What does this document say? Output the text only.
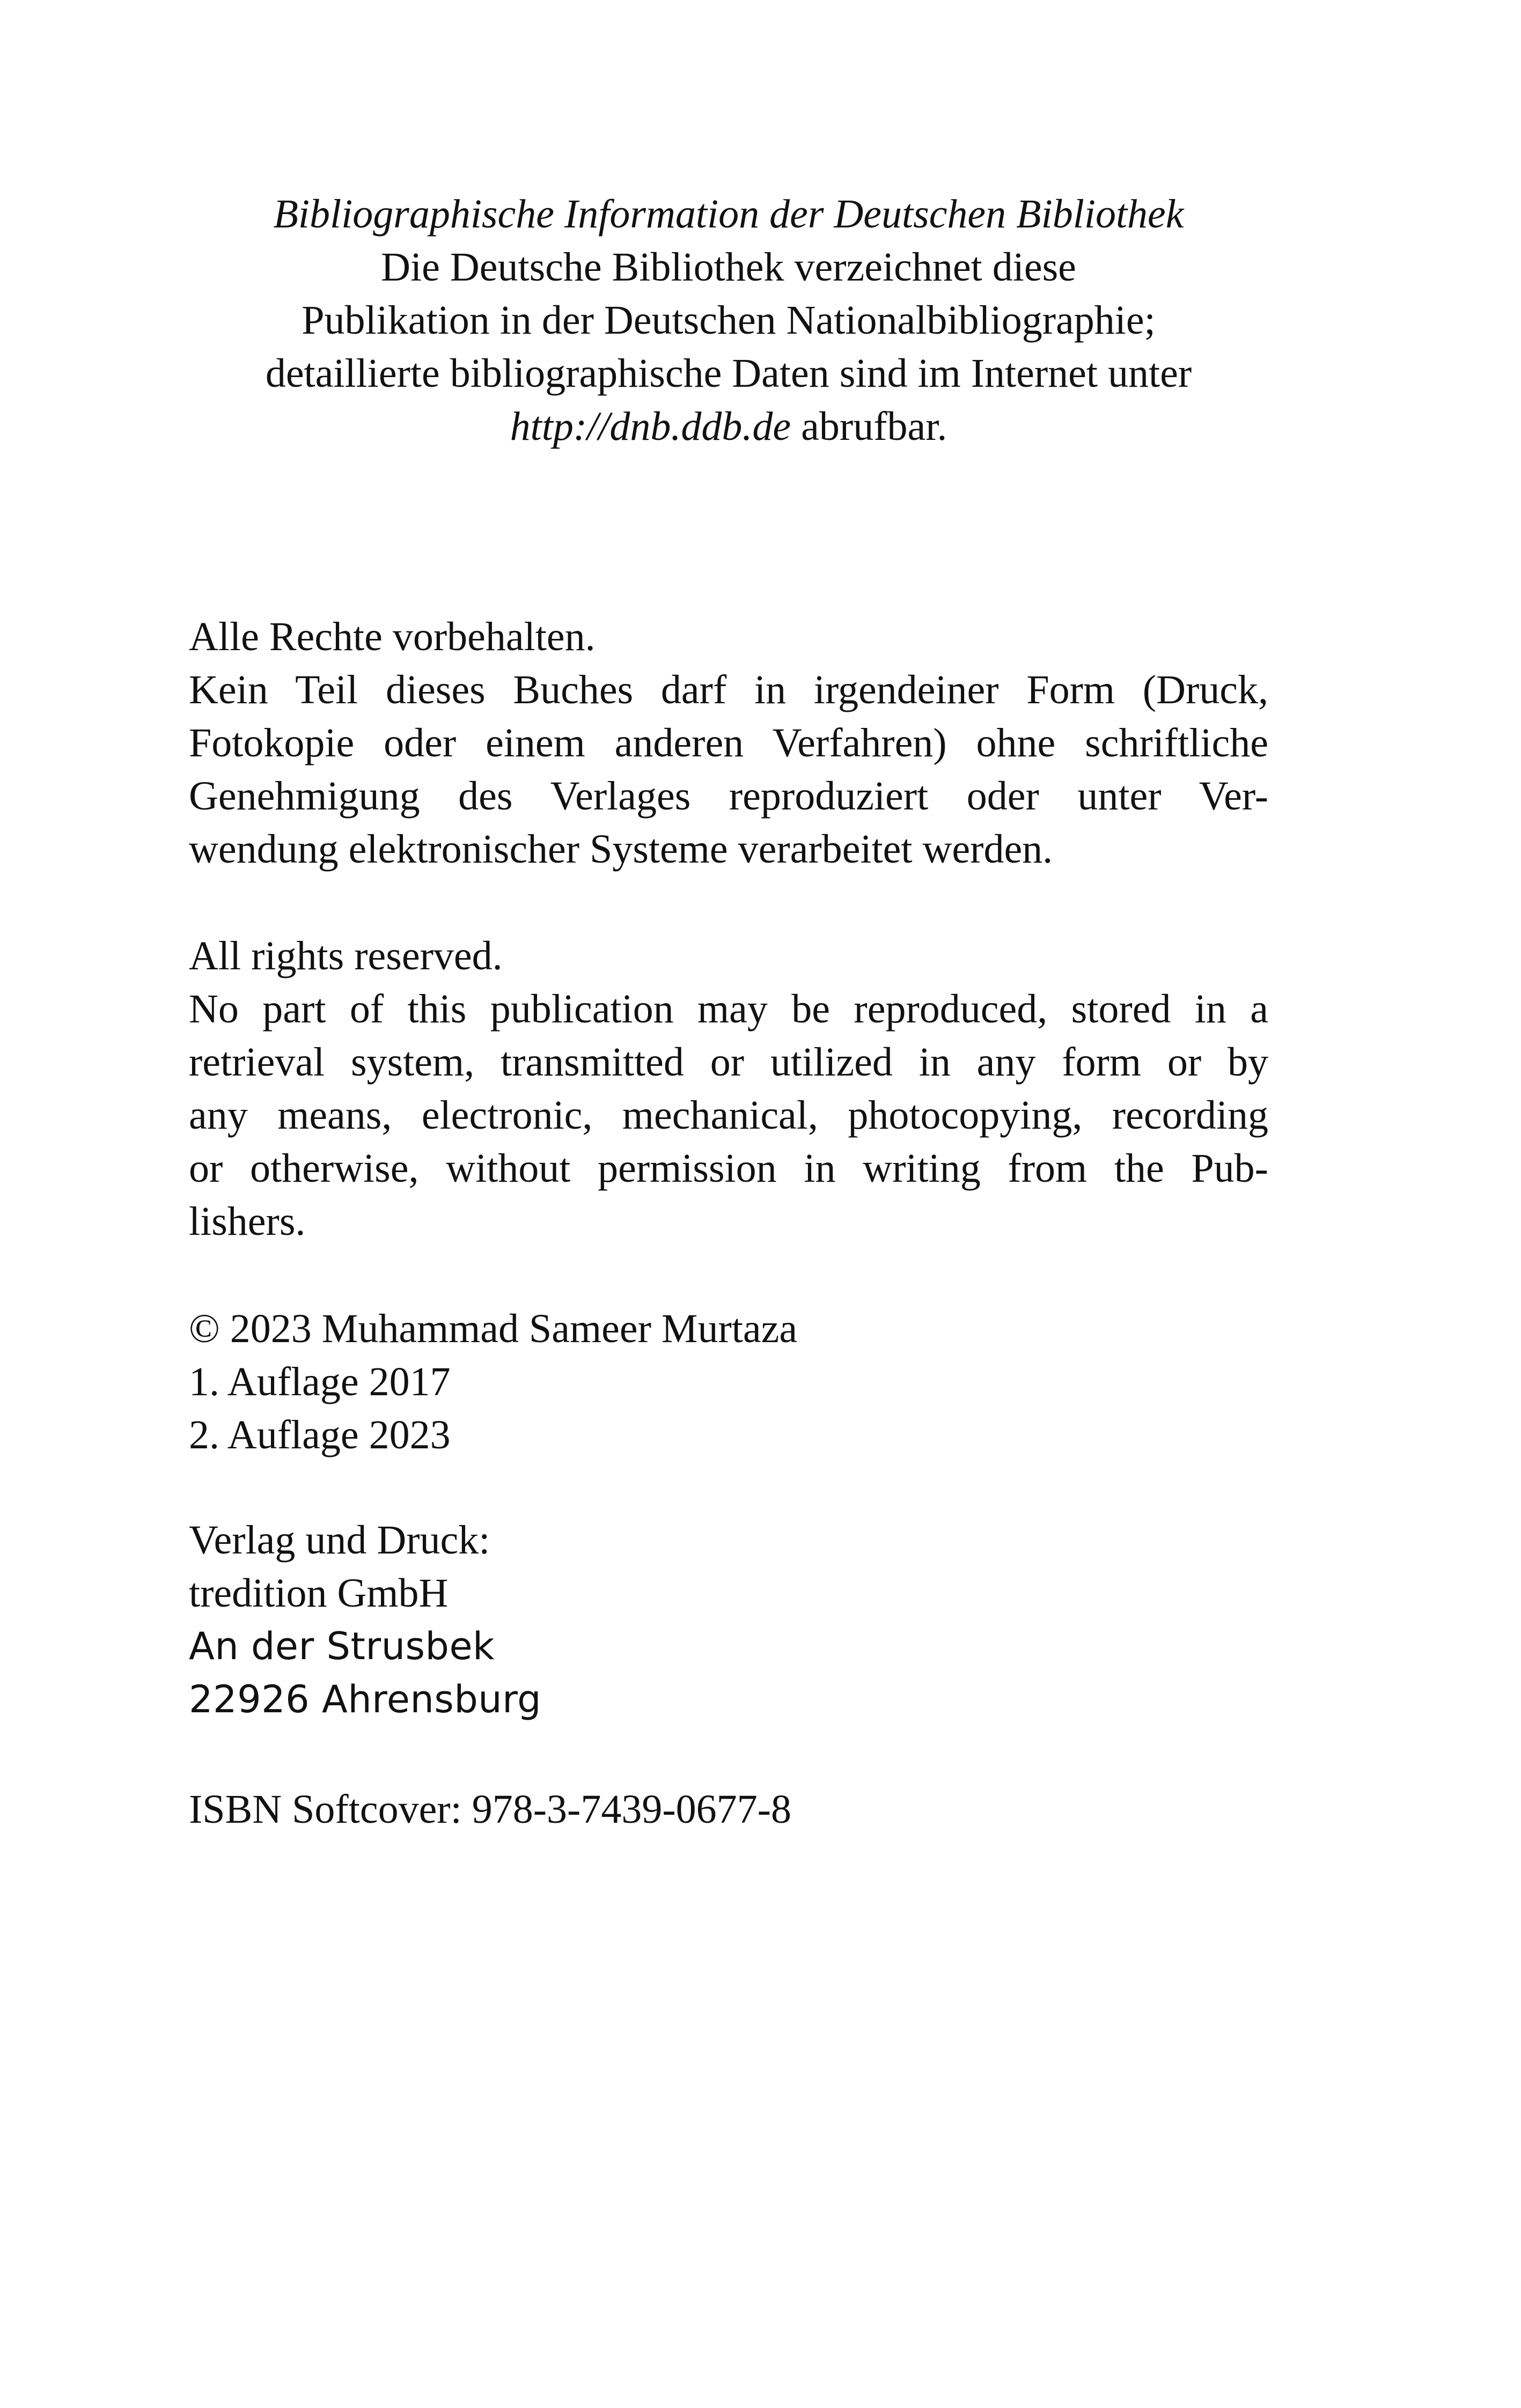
Bibliographische Information der Deutschen Bibliothek
Die Deutsche Bibliothek verzeichnet diese
Publikation in der Deutschen Nationalbibliographie;
detaillierte bibliographische Daten sind im Internet unter
http://dnb.ddb.de abrufbar.
Alle Rechte vorbehalten.
Kein Teil dieses Buches darf in irgendeiner Form (Druck,
Fotokopie oder einem anderen Verfahren) ohne schriftliche
Genehmigung des Verlages reproduziert oder unter Ver-
wendung elektronischer Systeme verarbeitet werden.
All rights reserved.
No part of this publication may be reproduced, stored in a
retrieval system, transmitted or utilized in any form or by
any means, electronic, mechanical, photocopying, recording
or otherwise, without permission in writing from the Pub-
lishers.
© 2023 Muhammad Sameer Murtaza
1. Auflage 2017
2. Auflage 2023
Verlag und Druck:
tredition GmbH
An der Strusbek
22926 Ahrensburg
ISBN Softcover: 978-3-7439-0677-8
